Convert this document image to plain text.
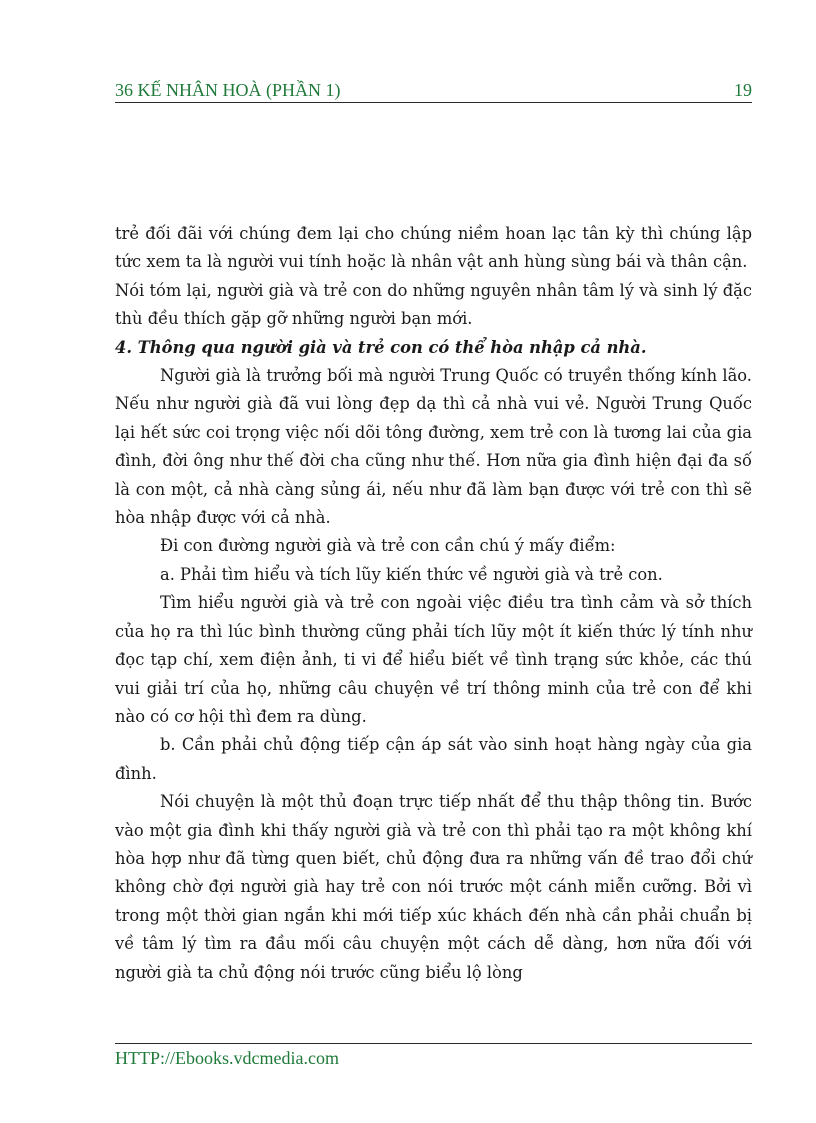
36 KẾ NHÂN HOÀ (PHẦN 1)	19

trẻ đối đãi với chúng đem lại cho chúng niềm hoan lạc tân kỳ thì chúng lập tức xem ta là người vui tính hoặc là nhân vật anh hùng sùng bái và thân cận.

Nói tóm lại, người già và trẻ con do những nguyên nhân tâm lý và sinh lý đặc thù đều thích gặp gỡ những người bạn mới.

4. Thông qua người già và trẻ con có thể hòa nhập cả nhà.

Người già là trưởng bối mà người Trung Quốc có truyền thống kính lão. Nếu như người già đã vui lòng đẹp dạ thì cả nhà vui vẻ. Người Trung Quốc lại hết sức coi trọng việc nối dõi tông đường, xem trẻ con là tương lai của gia đình, đời ông như thế đời cha cũng như thế. Hơn nữa gia đình hiện đại đa số là con một, cả nhà càng sủng ái, nếu như đã làm bạn được với trẻ con thì sẽ hòa nhập được với cả nhà.

Đi con đường người già và trẻ con cần chú ý mấy điểm:

a. Phải tìm hiểu và tích lũy kiến thức về người già và trẻ con.

Tìm hiểu người già và trẻ con ngoài việc điều tra tình cảm và sở thích của họ ra thì lúc bình thường cũng phải tích lũy một ít kiến thức lý tính như đọc tạp chí, xem điện ảnh, ti vi để hiểu biết về tình trạng sức khỏe, các thú vui giải trí của họ, những câu chuyện về trí thông minh của trẻ con để khi nào có cơ hội thì đem ra dùng.

b. Cần phải chủ động tiếp cận áp sát vào sinh hoạt hàng ngày của gia đình.

Nói chuyện là một thủ đoạn trực tiếp nhất để thu thập thông tin. Bước vào một gia đình khi thấy người già và trẻ con thì phải tạo ra một không khí hòa hợp như đã từng quen biết, chủ động đưa ra những vấn đề trao đổi chứ không chờ đợi người già hay trẻ con nói trước một cánh miễn cưỡng. Bởi vì trong một thời gian ngắn khi mới tiếp xúc khách đến nhà cần phải chuẩn bị về tâm lý tìm ra đầu mối câu chuyện một cách dễ dàng, hơn nữa đối với người già ta chủ động nói trước cũng biểu lộ lòng

HTTP://Ebooks.vdcmedia.com
